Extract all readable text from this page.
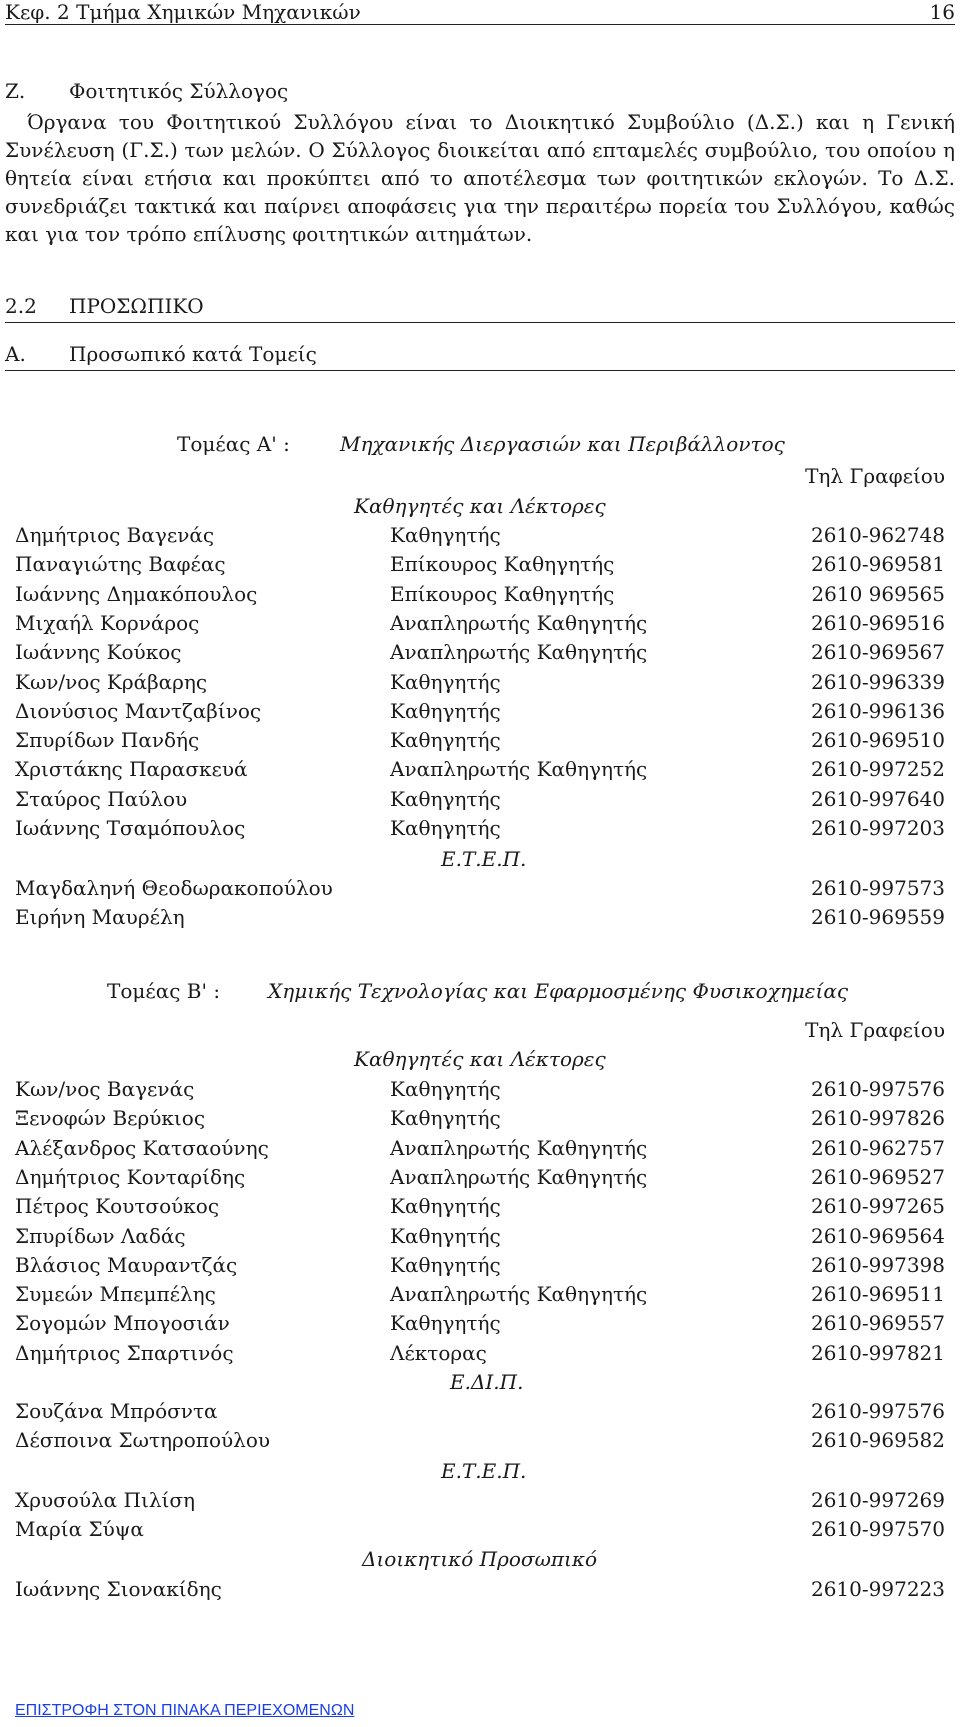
Κεφ. 2 Τμήμα Χημικών Μηχανικών	16
Ζ. Φοιτητικός Σύλλογος
Όργανα του Φοιτητικού Συλλόγου είναι το Διοικητικό Συμβούλιο (Δ.Σ.) και η Γενική Συνέλευση (Γ.Σ.) των μελών. Ο Σύλλογος διοικείται από επταμελές συμβούλιο, του οποίου η θητεία είναι ετήσια και προκύπτει από το αποτέλεσμα των φοιτητικών εκλογών. Το Δ.Σ. συνεδριάζει τακτικά και παίρνει αποφάσεις για την περαιτέρω πορεία του Συλλόγου, καθώς και για τον τρόπο επίλυσης φοιτητικών αιτημάτων.
2.2 ΠΡΟΣΩΠΙΚΟ
Α. Προσωπικό κατά Τομείς
Τομέας Α' :	Μηχανικής Διεργασιών και Περιβάλλοντος
Τηλ Γραφείου
Καθηγητές και Λέκτορες
Δημήτριος Βαγενάς	Καθηγητής	2610-962748
Παναγιώτης Βαφέας	Επίκουρος Καθηγητής	2610-969581
Ιωάννης Δημακόπουλος	Επίκουρος Καθηγητής	2610 969565
Μιχαήλ Κορνάρος	Αναπληρωτής Καθηγητής	2610-969516
Ιωάννης Κούκος	Αναπληρωτής Καθηγητής	2610-969567
Κων/νος Κράβαρης	Καθηγητής	2610-996339
Διονύσιος Μαντζαβίνος	Καθηγητής	2610-996136
Σπυρίδων Πανδής	Καθηγητής	2610-969510
Χριστάκης Παρασκευά	Αναπληρωτής Καθηγητής	2610-997252
Σταύρος Παύλου	Καθηγητής	2610-997640
Ιωάννης Τσαμόπουλος	Καθηγητής	2610-997203
Ε.Τ.Ε.Π.
Μαγδαληνή Θεοδωρακοπούλου	2610-997573
Ειρήνη Μαυρέλη	2610-969559
Τομέας Β' : Χημικής Τεχνολογίας και Εφαρμοσμένης Φυσικοχημείας
Τηλ Γραφείου
Καθηγητές και Λέκτορες
Κων/νος Βαγενάς	Καθηγητής	2610-997576
Ξενοφών Βερύκιος	Καθηγητής	2610-997826
Αλέξανδρος Κατσαούνης	Αναπληρωτής Καθηγητής	2610-962757
Δημήτριος Κονταρίδης	Αναπληρωτής Καθηγητής	2610-969527
Πέτρος Κουτσούκος	Καθηγητής	2610-997265
Σπυρίδων Λαδάς	Καθηγητής	2610-969564
Βλάσιος Μαυραντζάς	Καθηγητής	2610-997398
Συμεών Μπεμπέλης	Αναπληρωτής Καθηγητής	2610-969511
Σογομών Μπογοσιάν	Καθηγητής	2610-969557
Δημήτριος Σπαρτινός	Λέκτορας	2610-997821
Ε.ΔΙ.Π.
Σουζάνα Μπρόσντα	2610-997576
Δέσποινα Σωτηροπούλου	2610-969582
Ε.Τ.Ε.Π.
Χρυσούλα Πιλίση	2610-997269
Μαρία Σύψα	2610-997570
Διοικητικό Προσωπικό
Ιωάννης Σιονακίδης	2610-997223
ΕΠΙΣΤΡΟΦΗ ΣΤΟΝ ΠΙΝΑΚΑ ΠΕΡΙΕΧΟΜΕΝΩΝ
